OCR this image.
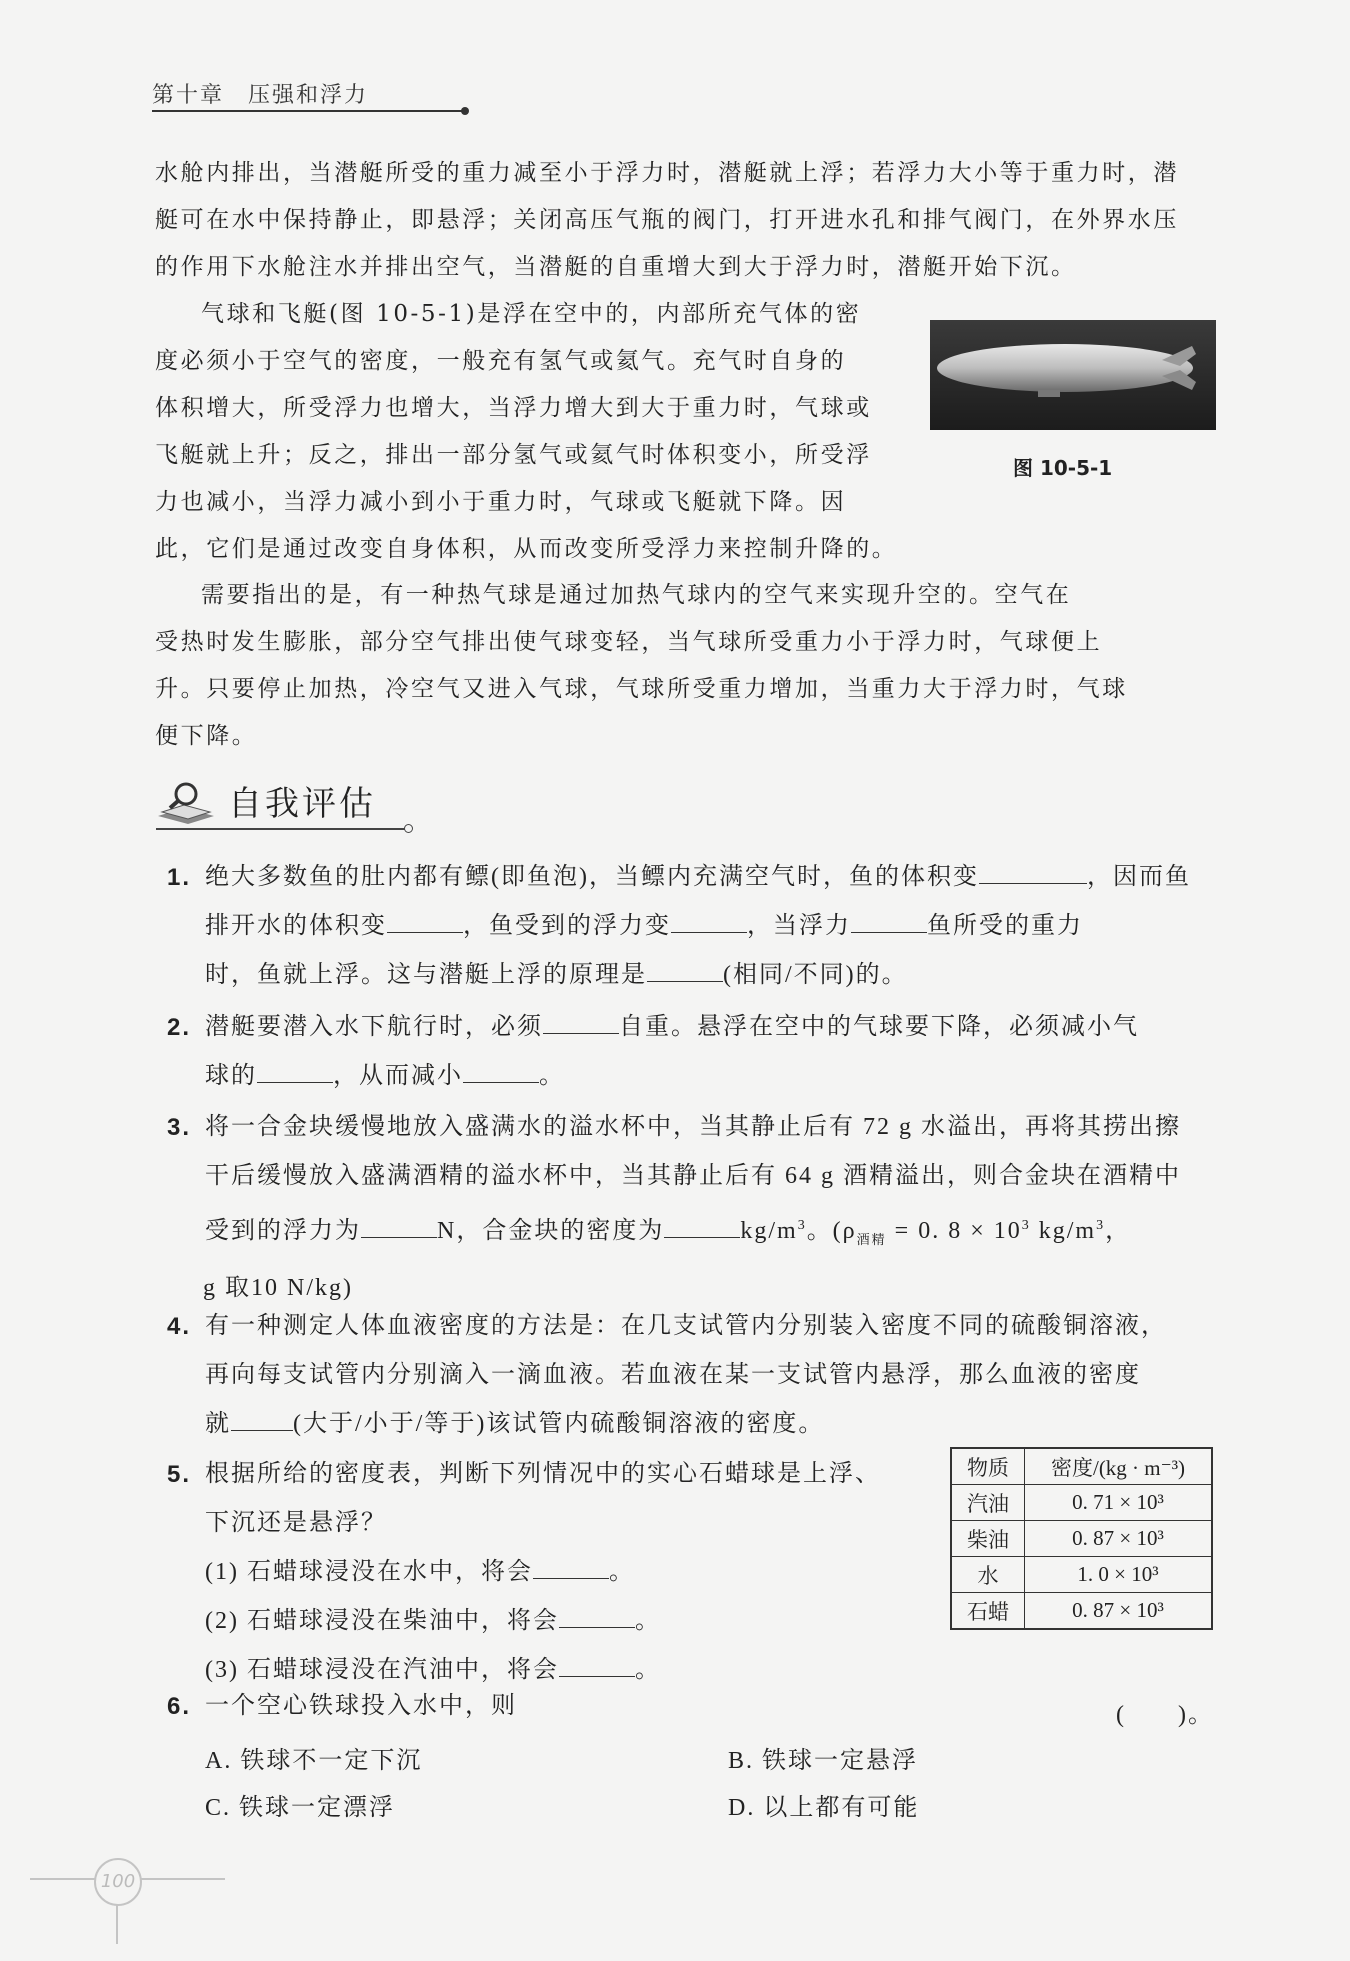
第十章　压强和浮力

水舱内排出，当潜艇所受的重力减至小于浮力时，潜艇就上浮；若浮力大小等于重力时，潜

艇可在水中保持静止，即悬浮；关闭高压气瓶的阀门，打开进水孔和排气阀门，在外界水压

的作用下水舱注水并排出空气，当潜艇的自重增大到大于浮力时，潜艇开始下沉。

气球和飞艇(图 10-5-1)是浮在空中的，内部所充气体的密

度必须小于空气的密度，一般充有氢气或氦气。充气时自身的

体积增大，所受浮力也增大，当浮力增大到大于重力时，气球或

飞艇就上升；反之，排出一部分氢气或氦气时体积变小，所受浮

力也减小，当浮力减小到小于重力时，气球或飞艇就下降。因

此，它们是通过改变自身体积，从而改变所受浮力来控制升降的。

图 10-5-1

需要指出的是，有一种热气球是通过加热气球内的空气来实现升空的。空气在

受热时发生膨胀，部分空气排出使气球变轻，当气球所受重力小于浮力时，气球便上

升。只要停止加热，冷空气又进入气球，气球所受重力增加，当重力大于浮力时，气球

便下降。

自我评估
1. 绝大多数鱼的肚内都有鳔(即鱼泡)，当鳔内充满空气时，鱼的体积变	，因而鱼
排开水的体积变	，鱼受到的浮力变	，当浮力	鱼所受的重力
时，鱼就上浮。这与潜艇上浮的原理是	(相同/不同)的。
2. 潜艇要潜入水下航行时，必须	自重。悬浮在空中的气球要下降，必须减小气
球的	，从而减小	。
3. 将一合金块缓慢地放入盛满水的溢水杯中，当其静止后有 72 g 水溢出，再将其捞出擦
干后缓慢放入盛满酒精的溢水杯中，当其静止后有 64 g 酒精溢出，则合金块在酒精中
受到的浮力为	N，合金块的密度为	$kg/m^3$。($\rho_{酒精} = 0$. $8 \times 10^3$ $kg/m^3$，
g 取10 N/kg)
4. 有一种测定人体血液密度的方法是：在几支试管内分别装入密度不同的硫酸铜溶液，
再向每支试管内分别滴入一滴血液。若血液在某一支试管内悬浮，那么血液的密度
就	(大于/小于/等于)该试管内硫酸铜溶液的密度。
5. 根据所给的密度表，判断下列情况中的实心石蜡球是上浮、
下沉还是悬浮？
(1) 石蜡球浸没在水中，将会	。
(2) 石蜡球浸没在柴油中，将会	。
(3) 石蜡球浸没在汽油中，将会	。
物质	密度/(kg · m⁻³)
汽油	0. 71 × 10³
柴油	0. 87 × 10³
水	1. 0 × 10³
石蜡	0. 87 × 10³
6. 一个空心铁球投入水中，则	(　　)。
A. 铁球不一定下沉	B. 铁球一定悬浮
C. 铁球一定漂浮	D. 以上都有可能
100
